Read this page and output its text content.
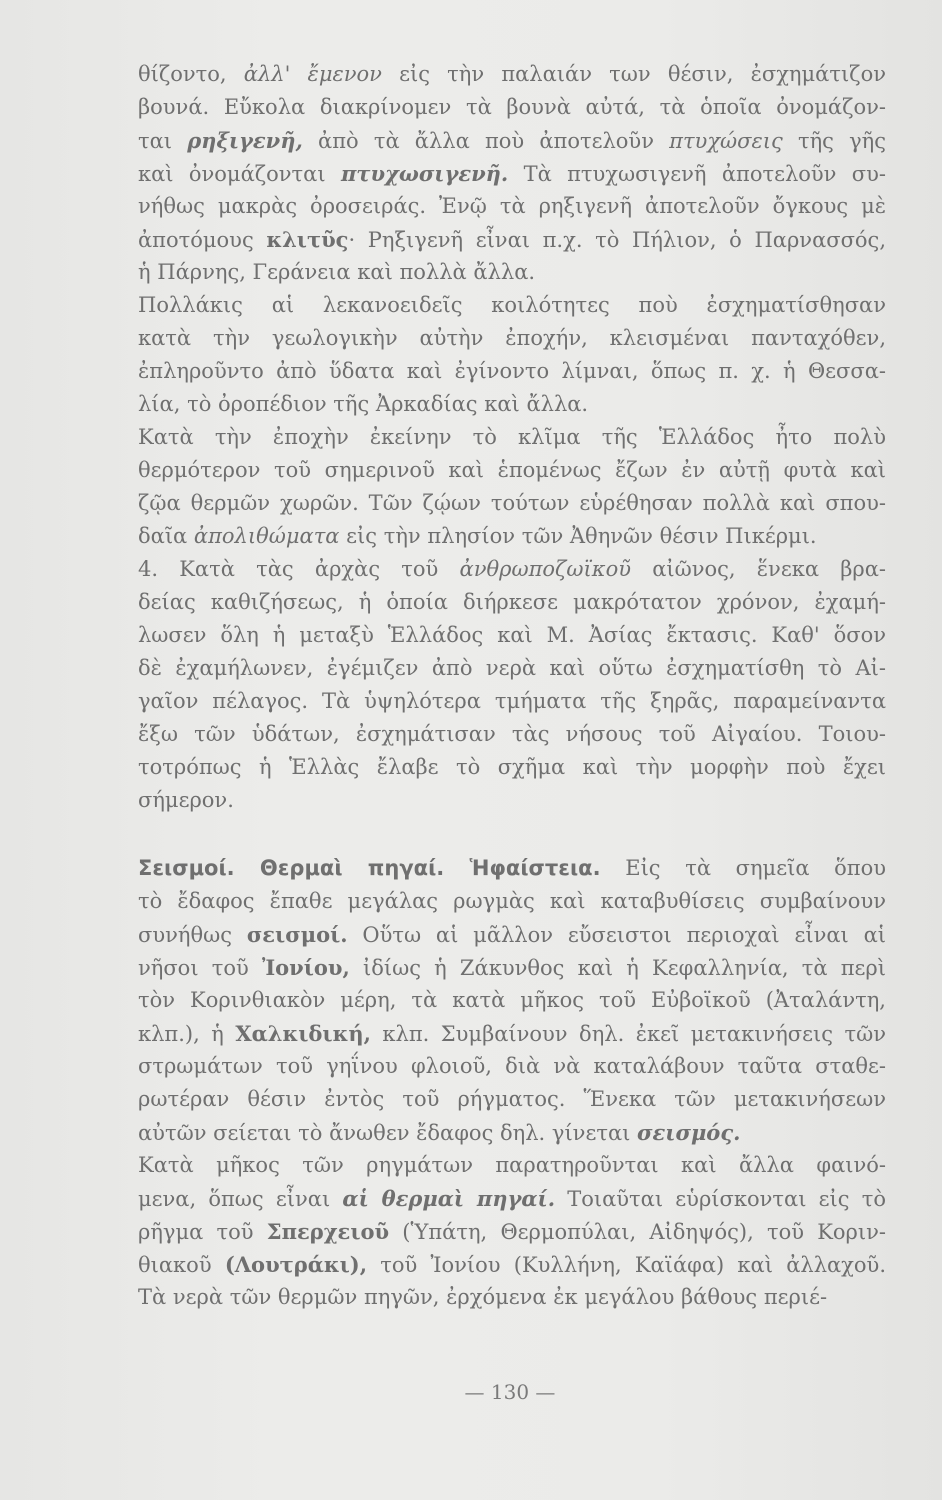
θίζοντο, ἀλλ' ἔμενον εἰς τὴν παλαιάν των θέσιν, ἐσχημάτιζον
βουνά. Εὔκολα διακρίνομεν τὰ βουνὰ αὐτά, τὰ ὁποῖα ὀνομάζον-
ται ρηξιγενῆ, ἀπὸ τὰ ἄλλα ποὺ ἀποτελοῦν πτυχώσεις τῆς γῆς
καὶ ὀνομάζονται πτυχωσιγενῆ. Τὰ πτυχωσιγενῆ ἀποτελοῦν συ-
νήθως μακρὰς ὀροσειράς. Ἐνῷ τὰ ρηξιγενῆ ἀποτελοῦν ὄγκους μὲ
ἀποτόμους κλιτῦς· Ρηξιγενῆ εἶναι π.χ. τὸ Πήλιον, ὁ Παρνασσός,
ἡ Πάρνης, Γεράνεια καὶ πολλὰ ἄλλα.
Πολλάκις αἱ λεκανοειδεῖς κοιλότητες ποὺ ἐσχηματίσθησαν
κατὰ τὴν γεωλογικὴν αὐτὴν ἐποχήν, κλεισμέναι πανταχόθεν,
ἐπληροῦντο ἀπὸ ὕδατα καὶ ἐγίνοντο λίμναι, ὅπως π. χ. ἡ Θεσσα-
λία, τὸ ὀροπέδιον τῆς Ἀρκαδίας καὶ ἄλλα.
Κατὰ τὴν ἐποχὴν ἐκείνην τὸ κλῖμα τῆς Ἑλλάδος ἦτο πολὺ
θερμότερον τοῦ σημερινοῦ καὶ ἑπομένως ἔζων ἐν αὐτῇ φυτὰ καὶ
ζῷα θερμῶν χωρῶν. Τῶν ζῴων τούτων εὑρέθησαν πολλὰ καὶ σπου-
δαῖα ἀπολιθώματα εἰς τὴν πλησίον τῶν Ἀθηνῶν θέσιν Πικέρμι.
4. Κατὰ τὰς ἀρχὰς τοῦ ἀνθρωποζωϊκοῦ αἰῶνος, ἕνεκα βρα-
δείας καθιζήσεως, ἡ ὁποία διήρκεσε μακρότατον χρόνον, ἐχαμή-
λωσεν ὅλη ἡ μεταξὺ Ἑλλάδος καὶ Μ. Ἀσίας ἔκτασις. Καθ' ὅσον
δὲ ἐχαμήλωνεν, ἐγέμιζεν ἀπὸ νερὰ καὶ οὕτω ἐσχηματίσθη τὸ Αἰ-
γαῖον πέλαγος. Τὰ ὑψηλότερα τμήματα τῆς ξηρᾶς, παραμείναντα
ἔξω τῶν ὑδάτων, ἐσχημάτισαν τὰς νήσους τοῦ Αἰγαίου. Τοιου-
τοτρόπως ἡ Ἑλλὰς ἔλαβε τὸ σχῆμα καὶ τὴν μορφὴν ποὺ ἔχει
σήμερον.
Σεισμοί. Θερμαὶ πηγαί. Ἡφαίστεια. Εἰς τὰ σημεῖα ὅπου
τὸ ἔδαφος ἔπαθε μεγάλας ρωγμὰς καὶ καταβυθίσεις συμβαίνουν
συνήθως σεισμοί. Οὕτω αἱ μᾶλλον εὔσειστοι περιοχαὶ εἶναι αἱ
νῆσοι τοῦ Ἰονίου, ἰδίως ἡ Ζάκυνθος καὶ ἡ Κεφαλληνία, τὰ περὶ
τὸν Κορινθιακὸν μέρη, τὰ κατὰ μῆκος τοῦ Εὐβοϊκοῦ (Ἀταλάντη,
κλπ.), ἡ Χαλκιδική, κλπ. Συμβαίνουν δηλ. ἐκεῖ μετακινήσεις τῶν
στρωμάτων τοῦ γηΐνου φλοιοῦ, διὰ νὰ καταλάβουν ταῦτα σταθε-
ρωτέραν θέσιν ἐντὸς τοῦ ρήγματος. Ἕνεκα τῶν μετακινήσεων
αὐτῶν σείεται τὸ ἄνωθεν ἔδαφος δηλ. γίνεται σεισμός.
Κατὰ μῆκος τῶν ρηγμάτων παρατηροῦνται καὶ ἄλλα φαινό-
μενα, ὅπως εἶναι αἱ θερμαὶ πηγαί. Τοιαῦται εὑρίσκονται εἰς τὸ
ρῆγμα τοῦ Σπερχειοῦ (Ὑπάτη, Θερμοπύλαι, Αἰδηψός), τοῦ Κοριν-
θιακοῦ (Λουτράκι), τοῦ Ἰονίου (Κυλλήνη, Καϊάφα) καὶ ἀλλαχοῦ.
Τὰ νερὰ τῶν θερμῶν πηγῶν, ἐρχόμενα ἐκ μεγάλου βάθους περιέ-
— 130 —
